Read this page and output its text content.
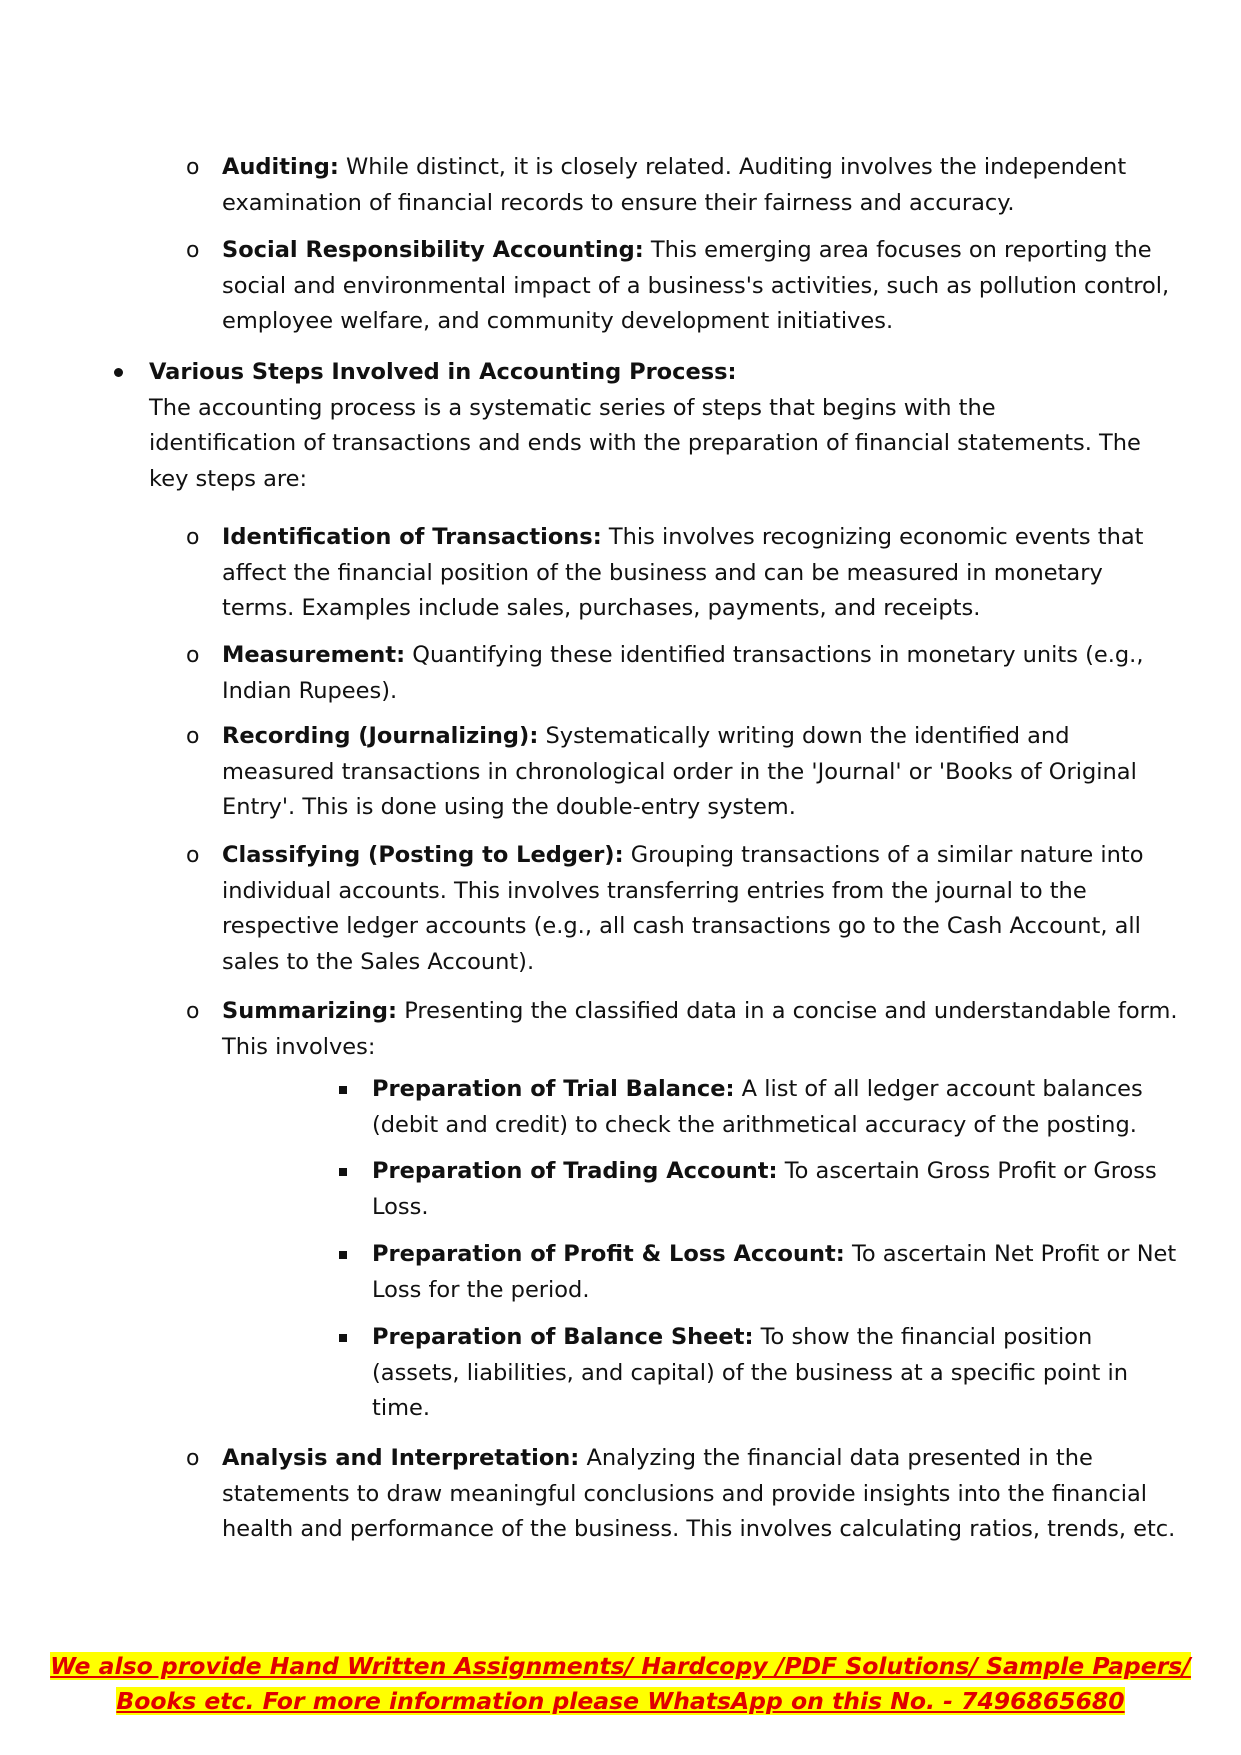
o Auditing: While distinct, it is closely related. Auditing involves the independent examination of financial records to ensure their fairness and accuracy.
o Social Responsibility Accounting: This emerging area focuses on reporting the social and environmental impact of a business's activities, such as pollution control, employee welfare, and community development initiatives.
Various Steps Involved in Accounting Process:
The accounting process is a systematic series of steps that begins with the identification of transactions and ends with the preparation of financial statements. The key steps are:
o Identification of Transactions: This involves recognizing economic events that affect the financial position of the business and can be measured in monetary terms. Examples include sales, purchases, payments, and receipts.
o Measurement: Quantifying these identified transactions in monetary units (e.g., Indian Rupees).
o Recording (Journalizing): Systematically writing down the identified and measured transactions in chronological order in the 'Journal' or 'Books of Original Entry'. This is done using the double-entry system.
o Classifying (Posting to Ledger): Grouping transactions of a similar nature into individual accounts. This involves transferring entries from the journal to the respective ledger accounts (e.g., all cash transactions go to the Cash Account, all sales to the Sales Account).
o Summarizing: Presenting the classified data in a concise and understandable form. This involves:
Preparation of Trial Balance: A list of all ledger account balances (debit and credit) to check the arithmetical accuracy of the posting.
Preparation of Trading Account: To ascertain Gross Profit or Gross Loss.
Preparation of Profit & Loss Account: To ascertain Net Profit or Net Loss for the period.
Preparation of Balance Sheet: To show the financial position (assets, liabilities, and capital) of the business at a specific point in time.
o Analysis and Interpretation: Analyzing the financial data presented in the statements to draw meaningful conclusions and provide insights into the financial health and performance of the business. This involves calculating ratios, trends, etc.
We also provide Hand Written Assignments/ Hardcopy /PDF Solutions/ Sample Papers/
Books etc. For more information please WhatsApp on this No. - 7496865680
